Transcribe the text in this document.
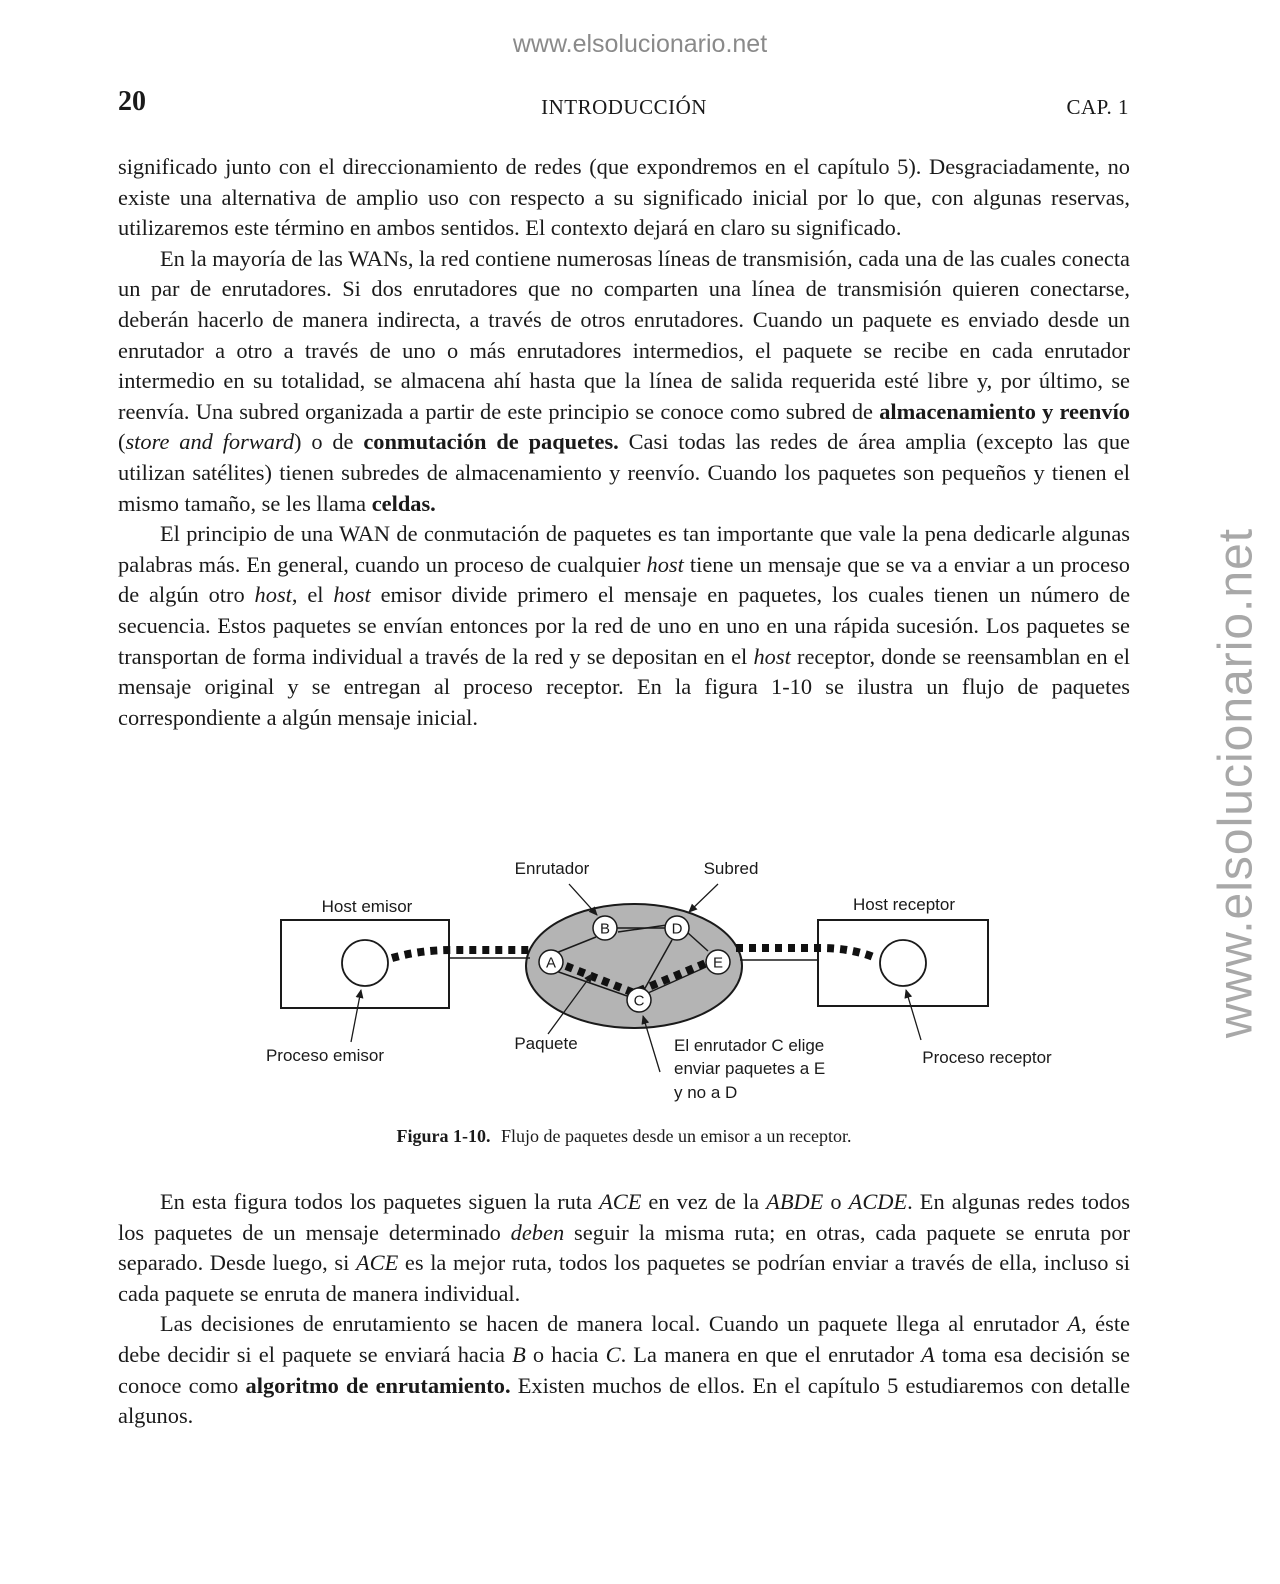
www.elsolucionario.net
www.elsolucionario.net
20	INTRODUCCIÓN	CAP. 1

significado junto con el direccionamiento de redes (que expondremos en el capítulo 5). Desgraciadamente, no existe una alternativa de amplio uso con respecto a su significado inicial por lo que, con algunas reservas, utilizaremos este término en ambos sentidos. El contexto dejará en claro su significado.

En la mayoría de las WANs, la red contiene numerosas líneas de transmisión, cada una de las cuales conecta un par de enrutadores. Si dos enrutadores que no comparten una línea de transmisión quieren conectarse, deberán hacerlo de manera indirecta, a través de otros enrutadores. Cuando un paquete es enviado desde un enrutador a otro a través de uno o más enrutadores intermedios, el paquete se recibe en cada enrutador intermedio en su totalidad, se almacena ahí hasta que la línea de salida requerida esté libre y, por último, se reenvía. Una subred organizada a partir de este principio se conoce como subred de almacenamiento y reenvío (store and forward) o de conmutación de paquetes. Casi todas las redes de área amplia (excepto las que utilizan satélites) tienen subredes de almacenamiento y reenvío. Cuando los paquetes son pequeños y tienen el mismo tamaño, se les llama celdas.

El principio de una WAN de conmutación de paquetes es tan importante que vale la pena dedicarle algunas palabras más. En general, cuando un proceso de cualquier host tiene un mensaje que se va a enviar a un proceso de algún otro host, el host emisor divide primero el mensaje en paquetes, los cuales tienen un número de secuencia. Estos paquetes se envían entonces por la red de uno en uno en una rápida sucesión. Los paquetes se transportan de forma individual a través de la red y se depositan en el host receptor, donde se reensamblan en el mensaje original y se entregan al proceso receptor. En la figura 1-10 se ilustra un flujo de paquetes correspondiente a algún mensaje inicial.

B	D
A	E
C
Enrutador	Subred
Host emisor	Host receptor
Proceso emisor
Paquete	El enrutador C elige
enviar paquetes a E
y no a D
Proceso receptor
Figura 1-10. Flujo de paquetes desde un emisor a un receptor.

En esta figura todos los paquetes siguen la ruta ACE en vez de la ABDE o ACDE. En algunas redes todos los paquetes de un mensaje determinado deben seguir la misma ruta; en otras, cada paquete se enruta por separado. Desde luego, si ACE es la mejor ruta, todos los paquetes se podrían enviar a través de ella, incluso si cada paquete se enruta de manera individual.

Las decisiones de enrutamiento se hacen de manera local. Cuando un paquete llega al enrutador A, éste debe decidir si el paquete se enviará hacia B o hacia C. La manera en que el enrutador A toma esa decisión se conoce como algoritmo de enrutamiento. Existen muchos de ellos. En el capítulo 5 estudiaremos con detalle algunos.
